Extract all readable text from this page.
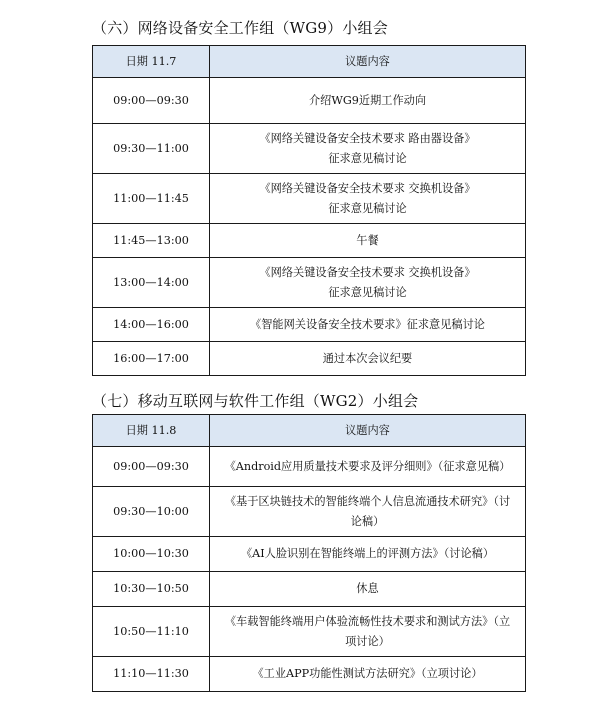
（六）网络设备安全工作组（WG9）小组会
日期 11.7	议题内容
09:00—09:30	介绍WG9近期工作动向
09:30—11:00	《网络关键设备安全技术要求 路由器设备》
征求意见稿讨论
11:00—11:45	《网络关键设备安全技术要求 交换机设备》
征求意见稿讨论
11:45—13:00	午餐
13:00—14:00	《网络关键设备安全技术要求 交换机设备》
征求意见稿讨论
14:00—16:00	《智能网关设备安全技术要求》征求意见稿讨论
16:00—17:00	通过本次会议纪要
（七）移动互联网与软件工作组（WG2）小组会
日期 11.8	议题内容
09:00—09:30	《Android应用质量技术要求及评分细则》（征求意见稿）
09:30—10:00	《基于区块链技术的智能终端个人信息流通技术研究》（讨
论稿）
10:00—10:30	《AI人脸识别在智能终端上的评测方法》（讨论稿）
10:30—10:50	休息
10:50—11:10	《车载智能终端用户体验流畅性技术要求和测试方法》（立
项讨论）
11:10—11:30	《工业APP功能性测试方法研究》（立项讨论）
